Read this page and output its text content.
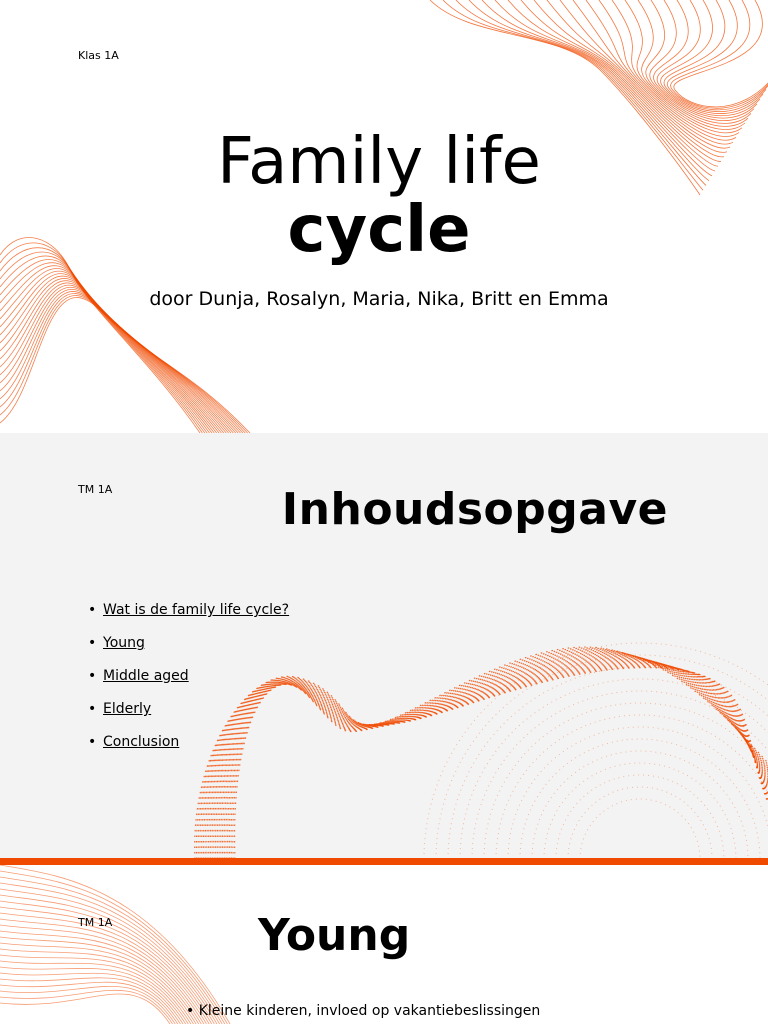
Klas 1A
Family life
cycle
door Dunja, Rosalyn, Maria, Nika, Britt en Emma
TM 1A	Inhoudsopgave
• Wat is de family life cycle?
• Young
• Middle aged
• Elderly
• Conclusion
TM 1A	Young
• Kleine kinderen, invloed op vakantiebeslissingen
